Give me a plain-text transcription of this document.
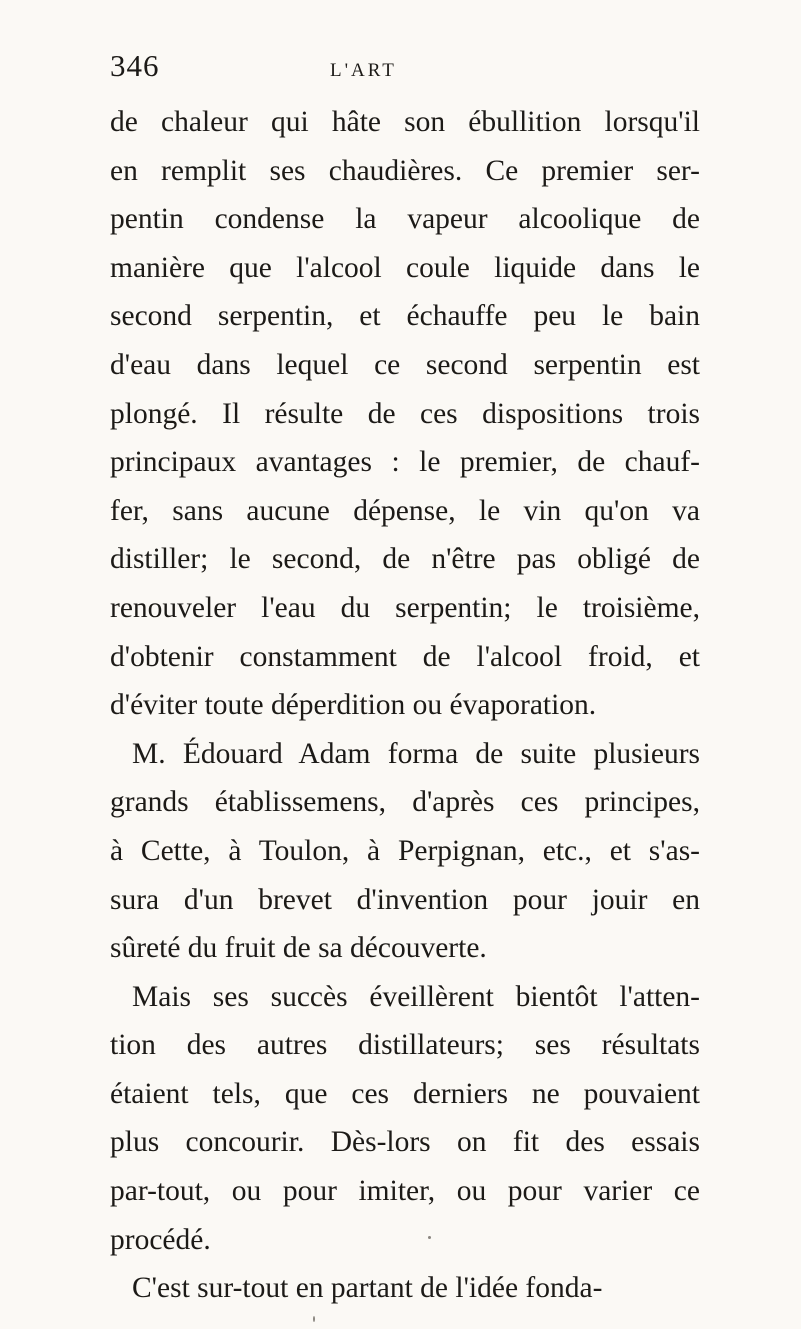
346	L'ART
de chaleur qui hâte son ébullition lorsqu'il
en remplit ses chaudières. Ce premier ser-
pentin condense la vapeur alcoolique de
manière que l'alcool coule liquide dans le
second serpentin, et échauffe peu le bain
d'eau dans lequel ce second serpentin est
plongé. Il résulte de ces dispositions trois
principaux avantages : le premier, de chauf-
fer, sans aucune dépense, le vin qu'on va
distiller; le second, de n'être pas obligé de
renouveler l'eau du serpentin; le troisième,
d'obtenir constamment de l'alcool froid, et
d'éviter toute déperdition ou évaporation.
M. Édouard Adam forma de suite plusieurs
grands établissemens, d'après ces principes,
à Cette, à Toulon, à Perpignan, etc., et s'as-
sura d'un brevet d'invention pour jouir en
sûreté du fruit de sa découverte.
Mais ses succès éveillèrent bientôt l'atten-
tion des autres distillateurs; ses résultats
étaient tels, que ces derniers ne pouvaient
plus concourir. Dès-lors on fit des essais
par-tout, ou pour imiter, ou pour varier ce
procédé.
C'est sur-tout en partant de l'idée fonda-
